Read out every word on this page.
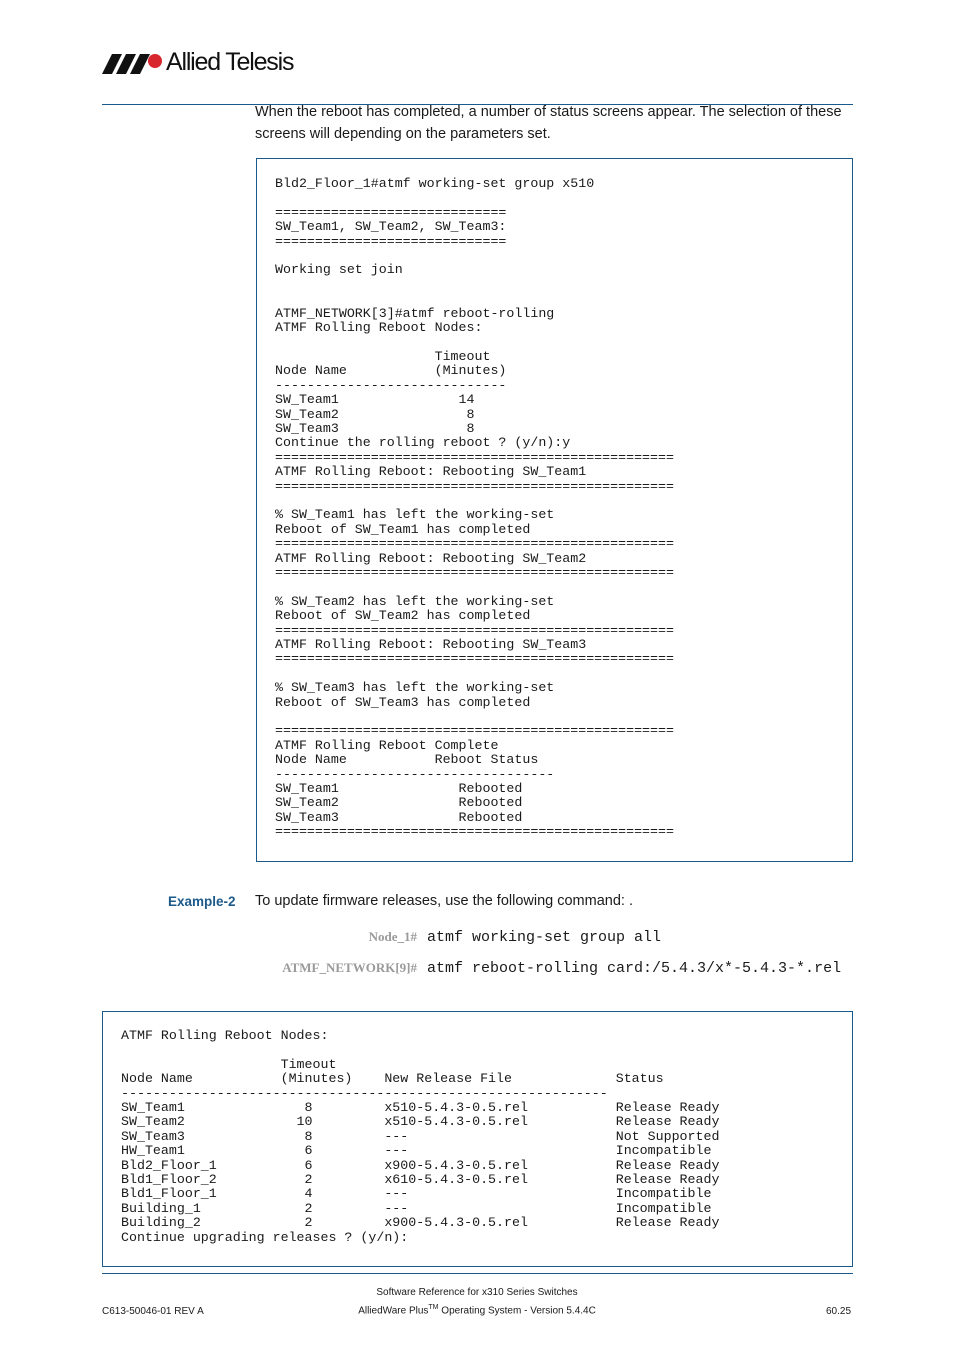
Allied Telesis
When the reboot has completed, a number of status screens appear. The selection of these screens will depending on the parameters set.
Bld2_Floor_1#atmf working-set group x510

=============================
SW_Team1, SW_Team2, SW_Team3:
=============================

Working set join

ATMF_NETWORK[3]#atmf reboot-rolling
ATMF Rolling Reboot Nodes:

Timeout
Node Name           (Minutes)
-----------------------------
SW_Team1               14
SW_Team2                8
SW_Team3                8
Continue the rolling reboot ? (y/n):y
==================================================
ATMF Rolling Reboot: Rebooting SW_Team1
==================================================

% SW_Team1 has left the working-set
Reboot of SW_Team1 has completed
==================================================
ATMF Rolling Reboot: Rebooting SW_Team2
==================================================

% SW_Team2 has left the working-set
Reboot of SW_Team2 has completed
==================================================
ATMF Rolling Reboot: Rebooting SW_Team3
==================================================

% SW_Team3 has left the working-set
Reboot of SW_Team3 has completed

==================================================
ATMF Rolling Reboot Complete
Node Name           Reboot Status
-----------------------------------
SW_Team1               Rebooted
SW_Team2               Rebooted
SW_Team3               Rebooted
==================================================
Example-2 To update firmware releases, use the following command: .
Node_1# atmf working-set group all
ATMF_NETWORK[9]# atmf reboot-rolling card:/5.4.3/x*-5.4.3-*.rel
ATMF Rolling Reboot Nodes:

Timeout
Node Name           (Minutes)    New Release File             Status
-------------------------------------------------------------
SW_Team1               8         x510-5.4.3-0.5.rel           Release Ready
SW_Team2              10         x510-5.4.3-0.5.rel           Release Ready
SW_Team3               8         ---                          Not Supported
HW_Team1               6         ---                          Incompatible
Bld2_Floor_1           6         x900-5.4.3-0.5.rel           Release Ready
Bld1_Floor_2           2         x610-5.4.3-0.5.rel           Release Ready
Bld1_Floor_1           4         ---                          Incompatible
Building_1             2         ---                          Incompatible
Building_2             2         x900-5.4.3-0.5.rel           Release Ready
Continue upgrading releases ? (y/n):
Software Reference for x310 Series Switches
C613-50046-01 REV A	AlliedWare Plus™ Operating System - Version 5.4.4C	60.25
